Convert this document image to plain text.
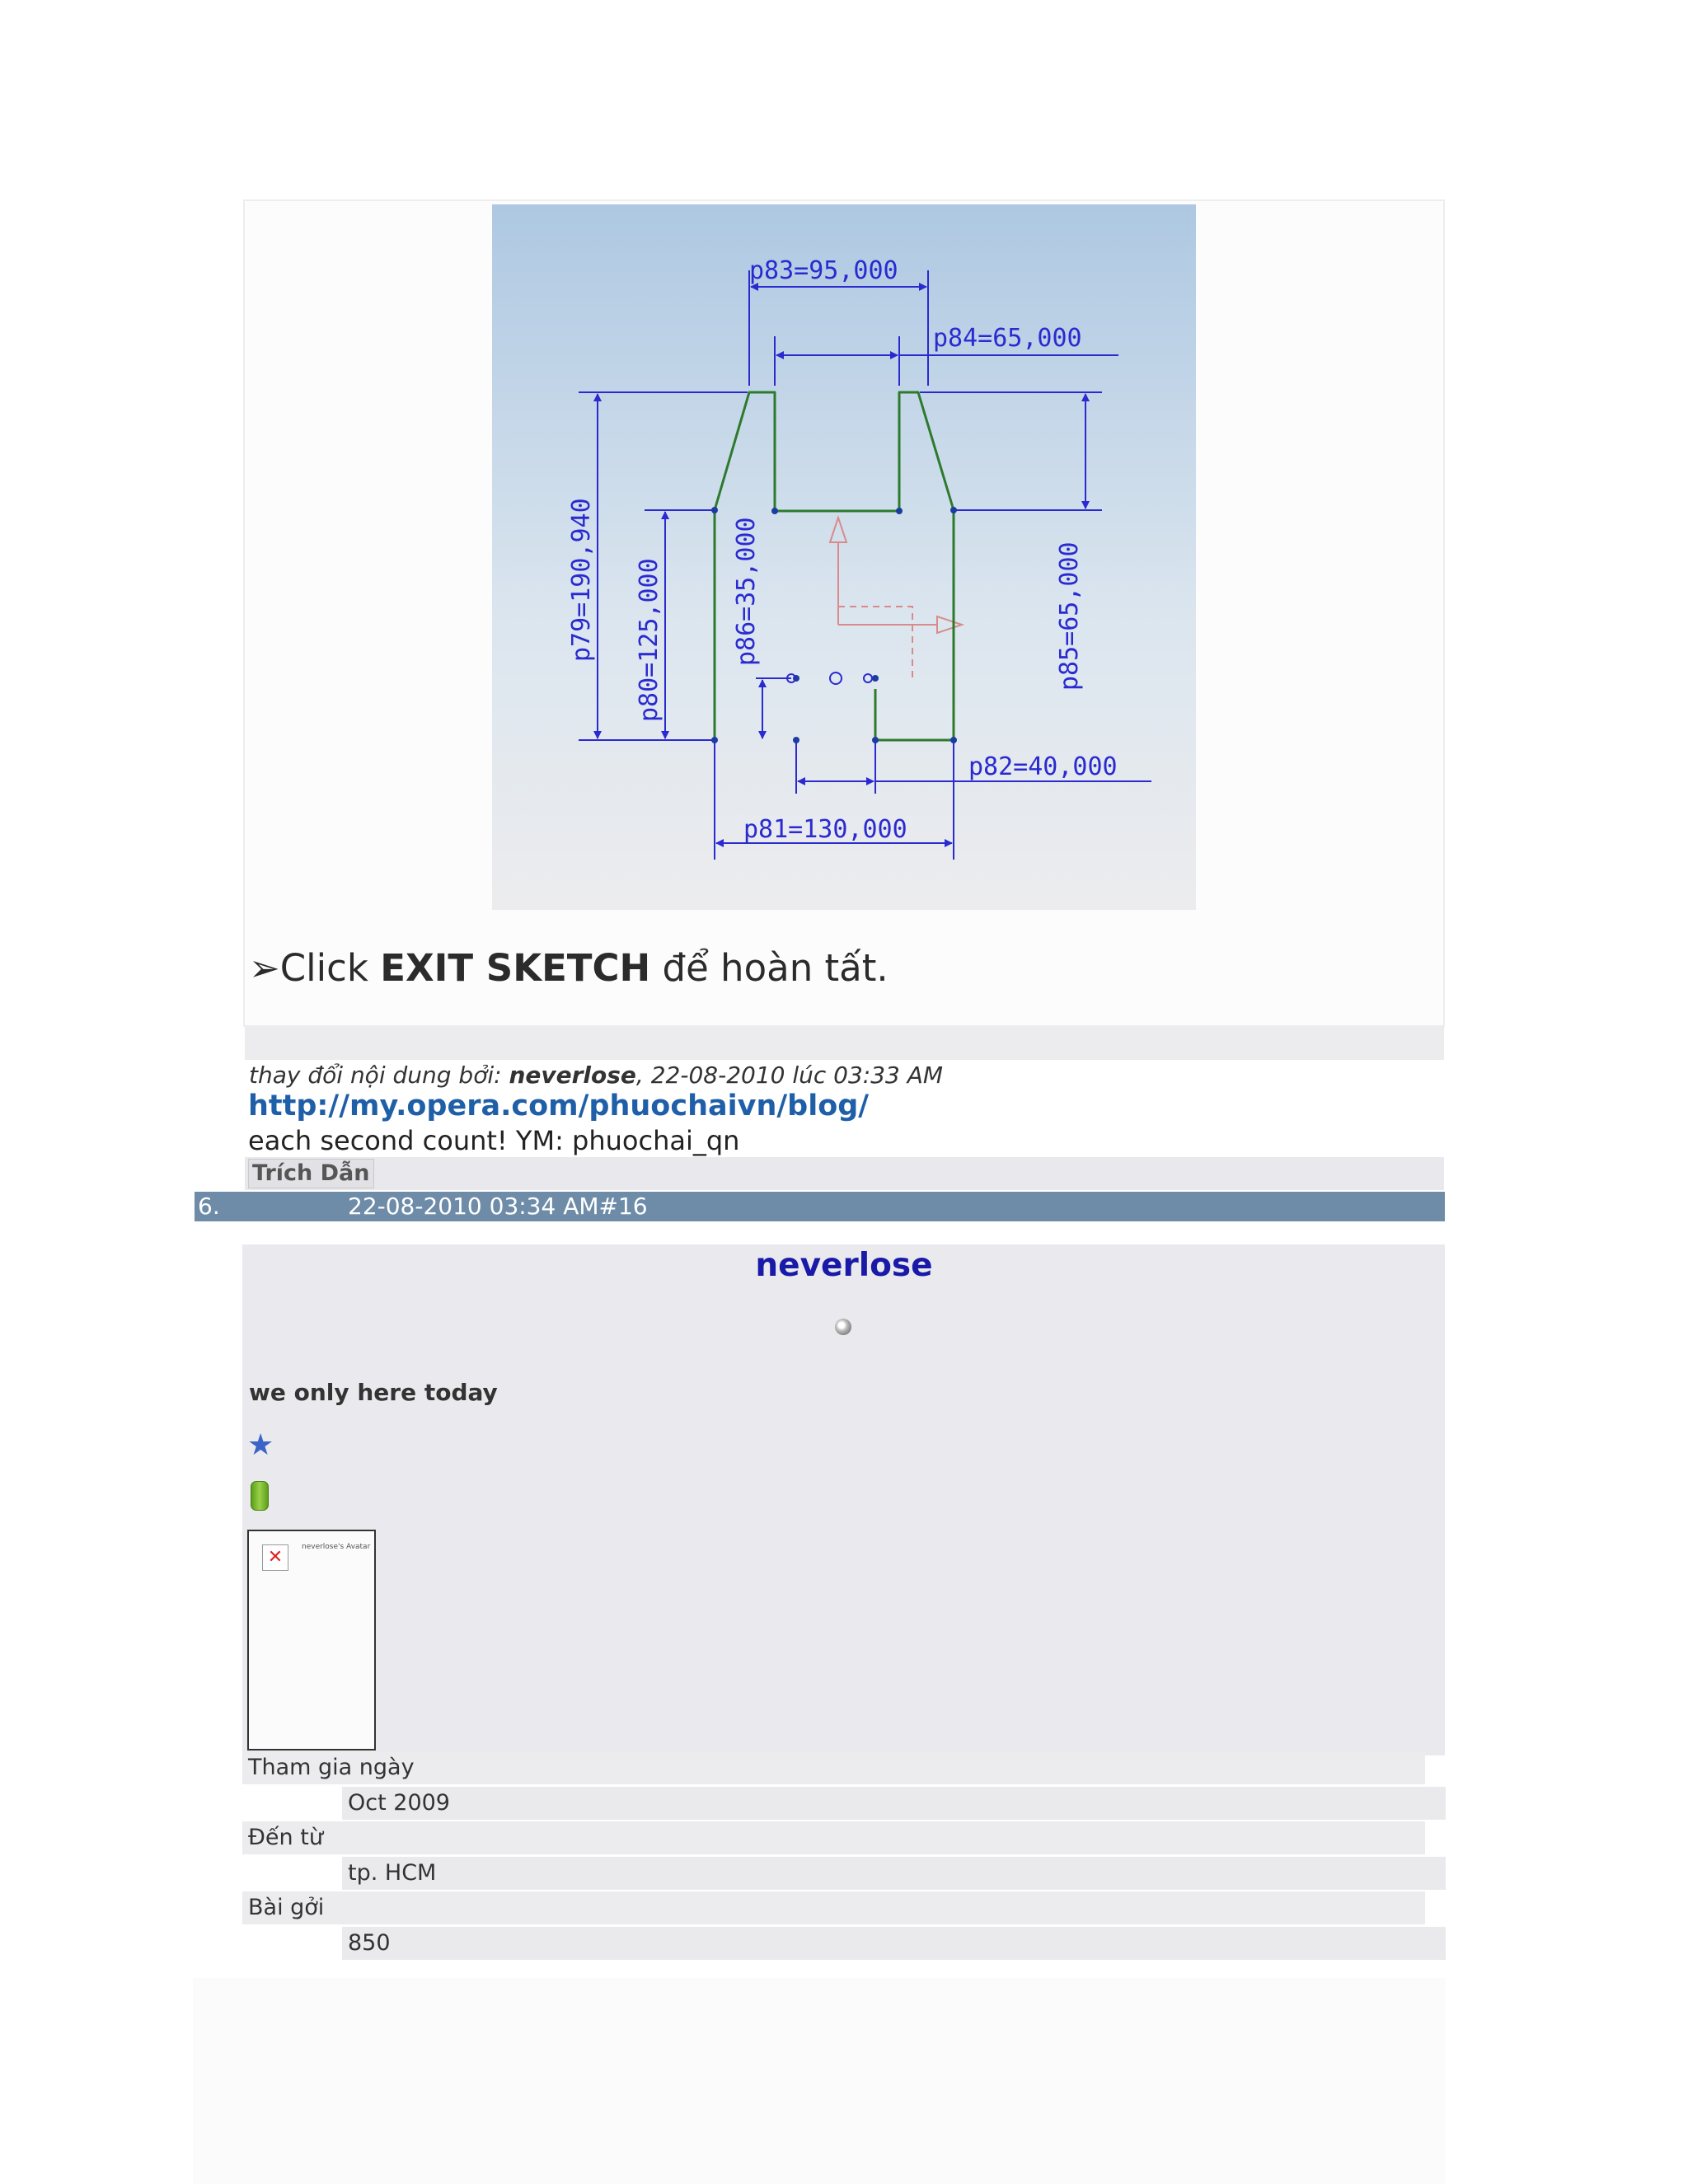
p83=95,000
p84=65,000
p82=40,000
p81=130,000
p79=190,940 p80=125,000	p86=35,000	p85=65,000
➢Click EXIT SKETCH để hoàn tất.
thay đổi nội dung bởi: neverlose, 22-08-2010 lúc 03:33 AM
http://my.opera.com/phuochaivn/blog/
each second count! YM: phuochai_qn
Trích Dẫn
6.	22-08-2010 03:34 AM#16
neverlose
we only here today
★
✕	neverlose's Avatar
Tham gia ngày
Oct 2009
Đến từ
tp. HCM
Bài gởi
850
